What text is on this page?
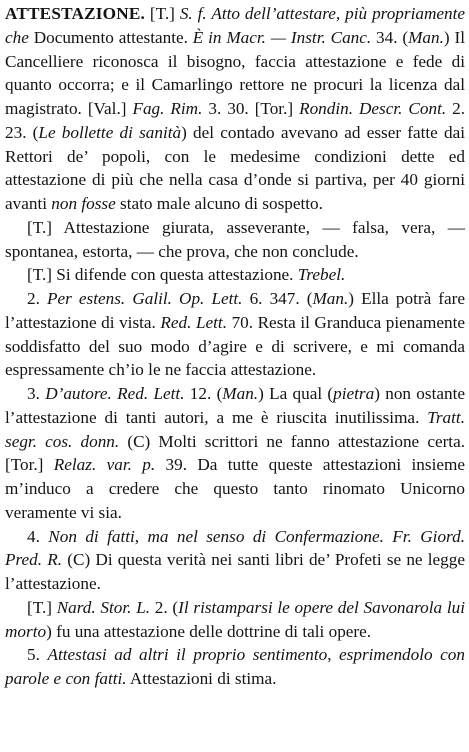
ATTESTAZIONE. [T.] S. f. Atto dell’attestare, più propriamente che Documento attestante. È in Macr. — Instr. Canc. 34. (Man.) Il Cancelliere riconosca il bisogno, faccia attestazione e fede di quanto occorra; e il Camarlingo rettore ne procuri la licenza dal magistrato. [Val.] Fag. Rim. 3. 30. [Tor.] Rondin. Descr. Cont. 2. 23. (Le bollette di sanità) del contado avevano ad esser fatte dai Rettori de’ popoli, con le medesime condizioni dette ed attestazione di più che nella casa d’onde si partiva, per 40 giorni avanti non fosse stato male alcuno di sospetto.

[T.] Attestazione giurata, asseverante, — falsa, vera, — spontanea, estorta, — che prova, che non conclude.

[T.] Si difende con questa attestazione. Trebel.

2. Per estens. Galil. Op. Lett. 6. 347. (Man.) Ella potrà fare l’attestazione di vista. Red. Lett. 70. Resta il Granduca pienamente soddisfatto del suo modo d’agire e di scrivere, e mi comanda espressamente ch’io le ne faccia attestazione.

3. D’autore. Red. Lett. 12. (Man.) La qual (pietra) non ostante l’attestazione di tanti autori, a me è riuscita inutilissima. Tratt. segr. cos. donn. (C) Molti scrittori ne fanno attestazione certa. [Tor.] Relaz. var. p. 39. Da tutte queste attestazioni insieme m’induco a credere che questo tanto rinomato Unicorno veramente vi sia.

4. Non di fatti, ma nel senso di Confermazione. Fr. Giord. Pred. R. (C) Di questa verità nei santi libri de’ Profeti se ne legge l’attestazione.

[T.] Nard. Stor. L. 2. (Il ristamparsi le opere del Savonarola lui morto) fu una attestazione delle dottrine di tali opere.

5. Attestasi ad altri il proprio sentimento, esprimendolo con parole e con fatti. Attestazioni di stima.
